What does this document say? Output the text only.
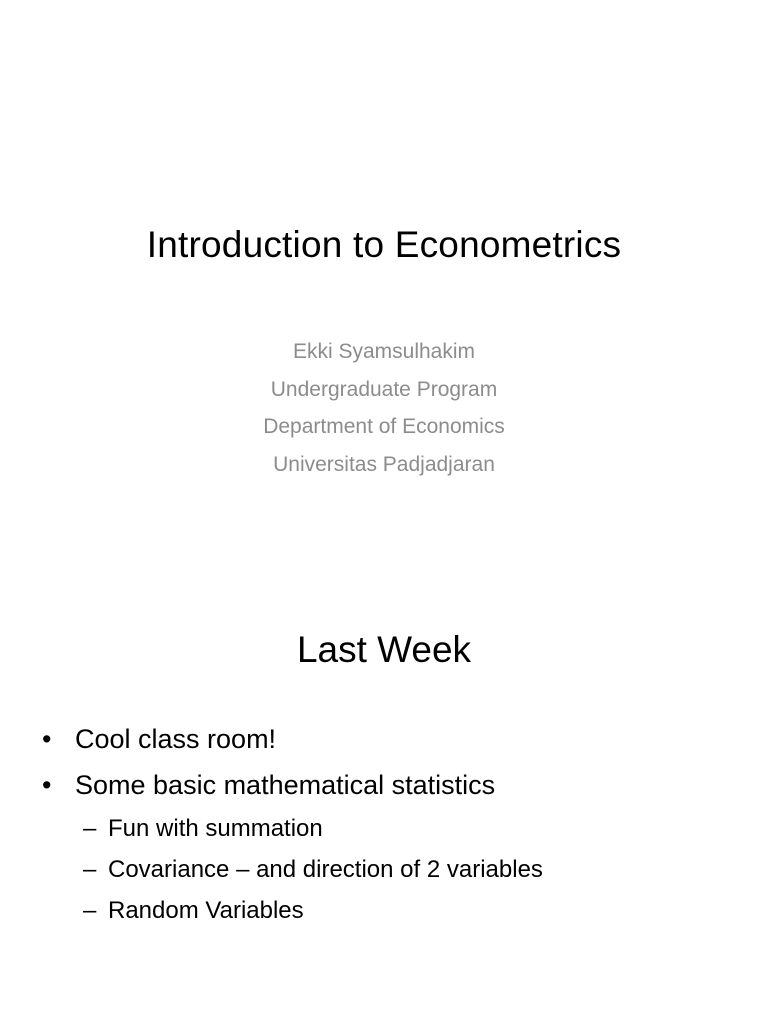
Introduction to Econometrics
Ekki Syamsulhakim
Undergraduate Program
Department of Economics
Universitas Padjadjaran
Last Week
• Cool class room!
• Some basic mathematical statistics
– Fun with summation
– Covariance – and direction of 2 variables
– Random Variables
